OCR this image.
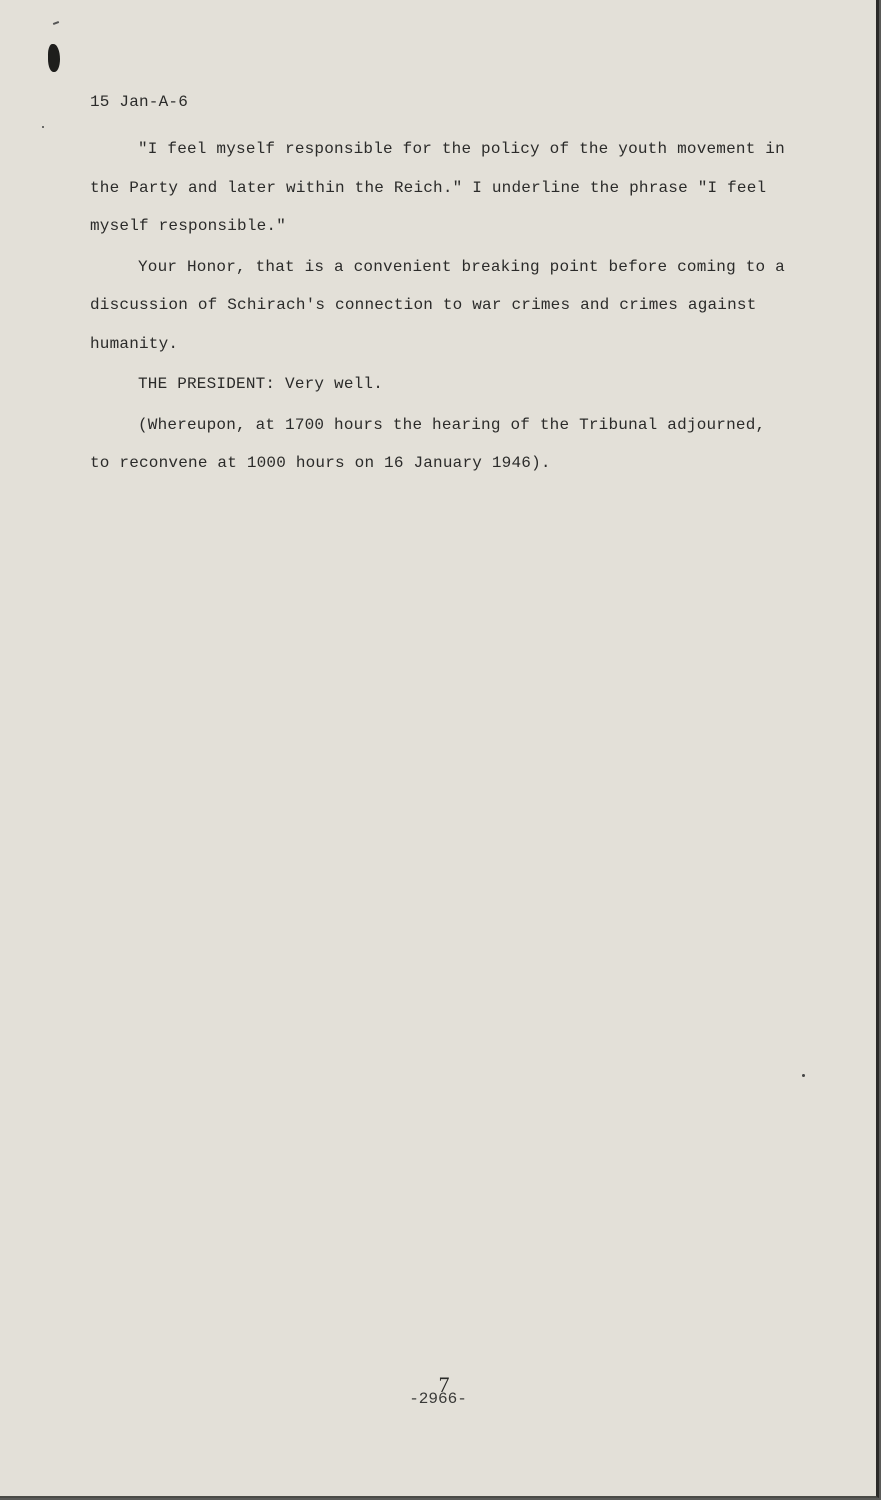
15 Jan-A-6

"I feel myself responsible for the policy of the youth movement in the Party and later within the Reich." I underline the phrase "I feel myself responsible."

Your Honor, that is a convenient breaking point before coming to a discussion of Schirach's connection to war crimes and crimes against humanity.

THE PRESIDENT: Very well.

(Whereupon, at 1700 hours the hearing of the Tribunal adjourned, to reconvene at 1000 hours on 16 January 1946).

7
-2966-
